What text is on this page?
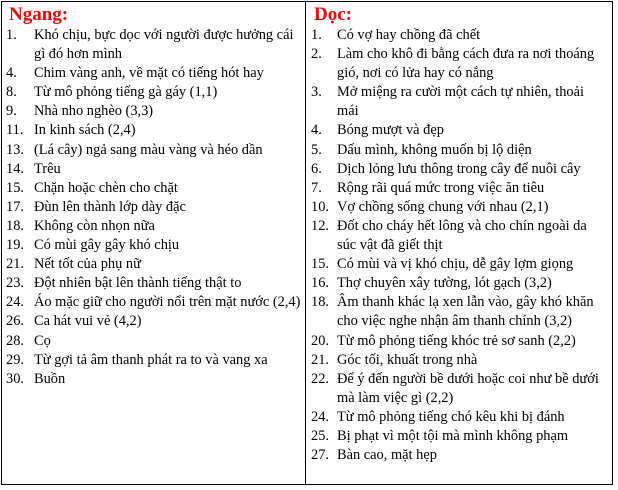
Ngang:
1.	Khó chịu, bực dọc với người được hưởng cái gì đó hơn mình
4.	Chim vàng anh, về mặt có tiếng hót hay
8.	Từ mô phỏng tiếng gà gáy (1,1)
9.	Nhà nho nghèo (3,3)
11. In kinh sách (2,4)
13. (Lá cây) ngả sang màu vàng và héo dần
14. Trêu
15. Chặn hoặc chèn cho chặt
17. Đùn lên thành lớp dày đặc
18. Không còn nhọn nữa
19. Có mùi gây gây khó chịu
21. Nết tốt của phụ nữ
23. Đột nhiên bật lên thành tiếng thật to
24. Áo mặc giữ cho người nổi trên mặt nước (2,4)
26. Ca hát vui vẻ (4,2)
28. Cọ
29. Từ gợi tả âm thanh phát ra to và vang xa
30. Buồn
Dọc:
1.	Có vợ hay chồng đã chết
2.	Làm cho khô đi bằng cách đưa ra nơi thoáng gió, nơi có lửa hay có nắng
3.	Mở miệng ra cười một cách tự nhiên, thoải mái
4.	Bóng mượt và đẹp
5.	Dấu mình, không muốn bị lộ diện
6.	Dịch lỏng lưu thông trong cây để nuôi cây
7.	Rộng rãi quá mức trong việc ăn tiêu
10. Vợ chồng sống chung với nhau (2,1)
12. Đốt cho cháy hết lông và cho chín ngoài da súc vật đã giết thịt
15. Có mùi và vị khó chịu, dễ gây lợm giọng
16. Thợ chuyên xây tường, lót gạch (3,2)
18. Âm thanh khác lạ xen lẫn vào, gây khó khăn cho việc nghe nhận âm thanh chính (3,2)
20. Từ mô phỏng tiếng khóc trẻ sơ sanh (2,2)
21. Góc tối, khuất trong nhà
22. Để ý đến người bề dưới hoặc coi như bề dưới mà làm việc gì (2,2)
24. Từ mô phỏng tiếng chó kêu khi bị đánh
25. Bị phạt vì một tội mà mình không phạm
27. Bàn cao, mặt hẹp
